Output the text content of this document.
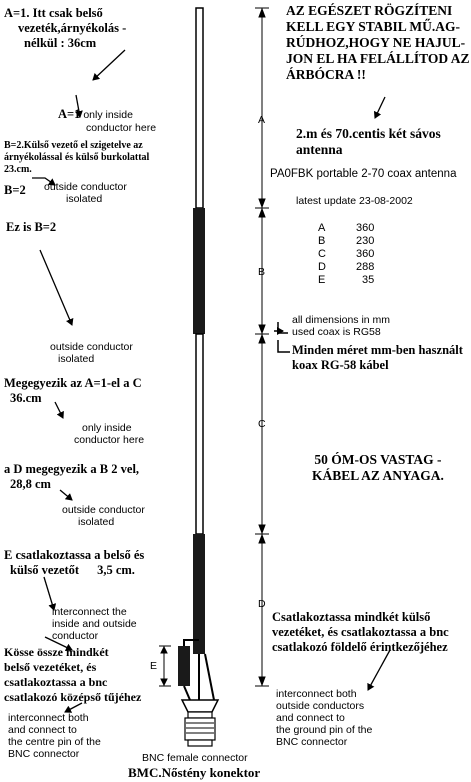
AZ EGÉSZET RÖGZÍTENI
KELL EGY STABIL MŰ.AG-
RÚDHOZ,HOGY NE HAJUL-
JON EL HA FELÁLLÍTOD AZ
ÁRBÓCRA !!
2.m és 70.centis két sávos
antenna
PA0FBK portable 2-70 coax antenna
latest update 23-08-2002
A	360
B	230
C	360
D	288
E	35
A
B
C
D
E
all dimensions in mm
used coax is RG58
Minden méret mm-ben használt
koax RG-58 kábel
50 ÓM-OS VASTAG -
KÁBEL AZ ANYAGA.
Csatlakoztassa mindkét külső
vezetéket, és csatlakoztassa a bnc
csatlakozó földelő érintkezőjéhez
interconnect both
outside conductors
and connect to
the ground pin of the
BNC connector
A=1. Itt csak belső
vezeték,árnyékolás -
nélkül : 36cm
A=1 only inside
conductor here
B=2.Külső vezető el szigetelve az
árnyékolással és külső burkolattal
23.cm.
B=2 outside conductor
isolated
Ez is B=2
outside conductor
isolated
Megegyezik az A=1-el a C
36.cm
only inside
conductor here
a D megegyezik a B 2 vel,
28,8 cm
outside conductor
isolated
E csatlakoztassa a belső és
külső vezetőt 3,5 cm.
interconnect the
inside and outside
conductor
Kösse össze mindkét
belső vezetéket, és
csatlakoztassa a bnc
csatlakozó középső tűjéhez
interconnect both
and connect to
the centre pin of the
BNC connector	BNC female connector
BMC.Nőstény konektor
